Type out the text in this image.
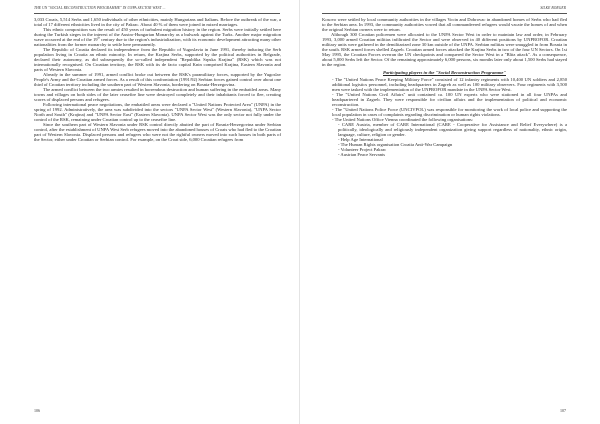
THE UN "SOCIAL RECONSTRUCTION PROGRAMME" IN UNPA SECTOR WEST ...

3,033 Croats, 5,514 Serbs and 1,650 individuals of other ethnicities, mainly Hungarians and Italians. Before the outbreak of the war, a total of 17 different ethnicities lived in the city of Pakrac. About 40 % of them were joined in mixed marriages.

This ethnic composition was the result of 450 years of turbulent migration history in the region. Serbs were initially settled here during the Turkish sieges in the interest of the Austro-Hungarian Monarchy as a bulwark against the Turks. Another major migration wave occurred at the end of the 19th century due to the region's industrialization, with its economic development attracting many other nationalities from the former monarchy to settle here permanently.

The Republic of Croatia declared its independence from the Republic of Yugoslavia in June 1991, thereby inducing the Serb population living in Croatia an ethnic minority. In return, the Krajina Serbs, supported by the political authorities in Belgrade, declared their autonomy, as did subsequently the so-called independent "Republika Srpska Krajina" (RSK) which was not internationally recognised. On Croatian territory, the RSK with its de facto capital Knin comprised Krajina, Eastern Slavonia and parts of Western Slavonia.

Already in the summer of 1991, armed conflict broke out between the RSK's paramilitary forces, supported by the Yugoslav People's Army and the Croatian armed forces. As a result of this confrontation (1991/92) Serbian forces gained control over about one third of Croatian territory including the southern part of Western Slavonia, bordering on Bosnia-Herzegovina.

The armed conflict between the two armies resulted in horrendous destruction and human suffering in the embattled areas. Many towns and villages on both sides of the later ceasefire line were destroyed completely and their inhabitants forced to flee, creating scores of displaced persons and refugees.

Following international peace negotiations, the embattled areas were declared a "United Nations Protected Area" (UNPA) in the spring of 1992. Administratively, the area was subdivided into the sectors "UNPA Sector West" (Western Slavonia), "UNPA Sector North and South" (Krajina) and "UNPA Sector East" (Eastern Slavonia). UNPA Sector West was the only sector not fully under the control of the RSK, remaining under Croatian control up to the ceasefire line.

Since the southern part of Western Slavonia under RSK control directly abutted the part of Bosnia-Herzegovina under Serbian control, after the establishment of UNPA West Serb refugees moved into the abandoned houses of Croats who had fled to the Croatian part of Western Slavonia. Displaced persons and refugees who were not the rightful owners moved into such houses in both parts of the Sector, either under Croatian or Serbian control. For example, on the Croat side, 6,000 Croatian refugees from

106
SILKE BORGER

Kosovo were settled by local community authorities in the villages Vocin and Dobrovac in abandoned homes of Serbs who had fled to the Serbian area. In 1993, the community authorities vowed that all commandeered refugees would vacate the homes of and when the original Serbian owners were to return.

Although 300 Croatian policemen were allocated to the UNPA Sector West in order to maintain law and order, in February 1993, 3,000 armed Croatian militias infiltrated the Sector and were observed in 40 different positions by UNPROFOR. Croatian military units were gathered in the demilitarized zone 30 km outside of the UNPA. Serbian militias were smuggled in from Bosnia in the south. RSK armed forces shelled Zagreb. Croatian armed forces attacked the Krajina Serbs in two of the four UN Sectors. On 1st May 1995, the Croatian Forces overran the UN checkpoints and conquered the Sector West in a "Blitz attack". As a consequence, about 5,000 Serbs left the Sector. Of the remaining approximately 6,000 persons, six months later only about 1,500 Serbs had stayed in the region.

Participating players in the "Social Reconstruction Programme"

- The "United Nations Peace Keeping Military Force" consisted of 12 infantry regiments with 10,400 UN soldiers and 2,850 additional logistics personnel, including headquarters in Zagreb as well as 100 military observers. Four regiments with 3,500 men were tasked with the implementation of the UNPROFOR mandate in the UNPA Sector West.

- The "United Nations Civil Affairs" unit contained ca. 100 UN experts who were stationed in all four UNPAs and headquartered in Zagreb. They were responsible for civilian affairs and the implementation of political and economic reconstruction.

- The "United Nations Police Force (UNCIVPOL) was responsible for monitoring the work of local police and supporting the local population in cases of complaints regarding discrimination or human rights violations.

- The United Nations Office Vienna coordinated the following organisations:

- CARE Austria, member of CARE International (CARE - Cooperative for Assistance and Relief Everywhere) is a politically, ideologically and religiously independent organization giving support regardless of nationality, ethnic origin, language, culture, religion or gender.

- Help Age International

- The Human Rights organisation Croatia Anti-War Campaign

- Volunteer Project Pakrac

- Austrian Peace Servants

107
